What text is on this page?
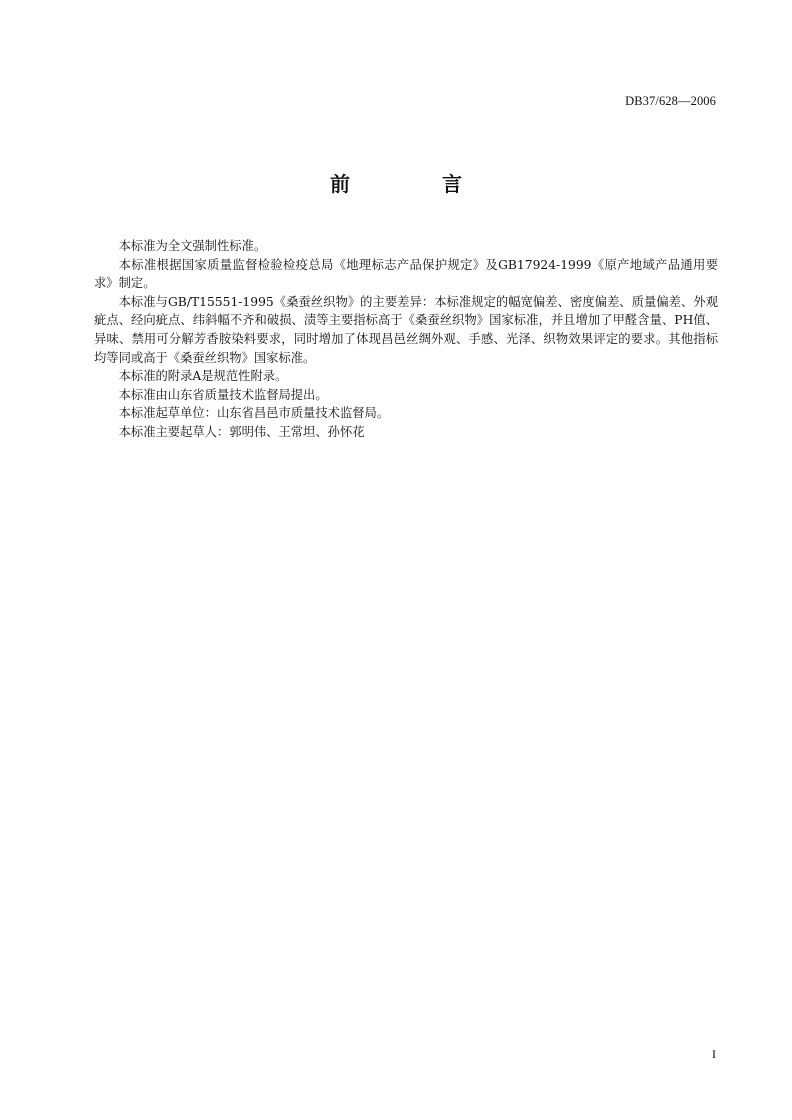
DB37/628—2006
前　言

本标准为全文强制性标准。

本标准根据国家质量监督检验检疫总局《地理标志产品保护规定》及GB17924-1999《原产地域产品通用要求》制定。

本标准与GB/T15551-1995《桑蚕丝织物》的主要差异：本标准规定的幅宽偏差、密度偏差、质量偏差、外观疵点、经向疵点、纬斜幅不齐和破损、渍等主要指标高于《桑蚕丝织物》国家标准，并且增加了甲醛含量、PH值、异味、禁用可分解芳香胺染料要求，同时增加了体现昌邑丝绸外观、手感、光泽、织物效果评定的要求。其他指标均等同或高于《桑蚕丝织物》国家标准。

本标准的附录A是规范性附录。

本标准由山东省质量技术监督局提出。

本标准起草单位：山东省昌邑市质量技术监督局。

本标准主要起草人：郭明伟、王常坦、孙怀花

I
